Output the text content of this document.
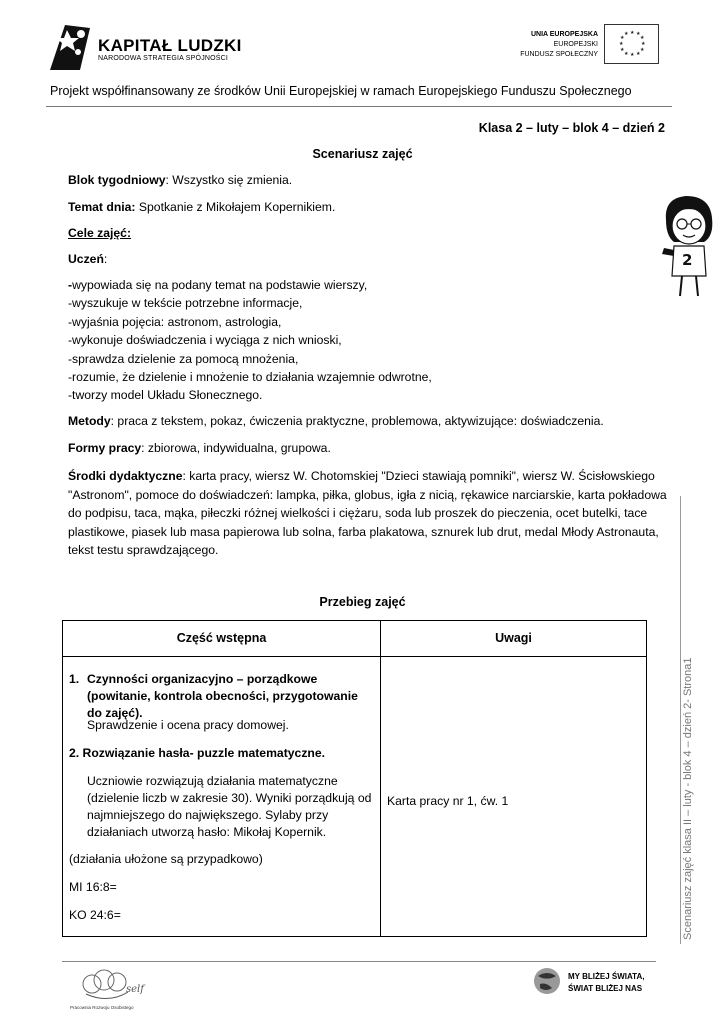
KAPITAŁ LUDZKI
NARODOWA STRATEGIA SPÓJNOŚCI
UNIA EUROPEJSKA
EUROPEJSKI
FUNDUSZ SPOŁECZNY
★ ★
★
★
★
★
★
★
★
★
★
★
Projekt współfinansowany ze środków Unii Europejskiej w ramach Europejskiego Funduszu Społecznego
Klasa 2 – luty – blok 4 – dzień 2
Scenariusz zajęć
Blok tygodniowy: Wszystko się zmienia.
Temat dnia: Spotkanie z Mikołajem Kopernikiem.
Cele zajęć:
Uczeń:
-wypowiada się na podany temat na podstawie wierszy,
-wyszukuje w tekście potrzebne informacje,
-wyjaśnia pojęcia: astronom, astrologia,
-wykonuje doświadczenia i wyciąga z nich wnioski,
-sprawdza dzielenie za pomocą mnożenia,
-rozumie, że dzielenie i mnożenie to działania wzajemnie odwrotne,
-tworzy model Układu Słonecznego.
Metody: praca z tekstem, pokaz, ćwiczenia praktyczne, problemowa, aktywizujące: doświadczenia.
Formy pracy: zbiorowa, indywidualna, grupowa.
Środki dydaktyczne: karta pracy, wiersz W. Chotomskiej "Dzieci stawiają pomniki", wiersz W. Ścisłowskiego "Astronom", pomoce do doświadczeń: lampka, piłka, globus, igła z nicią, rękawice narciarskie, karta pokładowa do podpisu, taca, mąka, piłeczki różnej wielkości i ciężaru, soda lub proszek do pieczenia, ocet butelki, tace plastikowe, piasek lub masa papierowa lub solna, farba plakatowa, sznurek lub drut, medal Młody Astronauta, tekst testu sprawdzającego.
Przebieg zajęć
2
Część wstępna	Uwagi
1. Czynności organizacyjno – porządkowe (powitanie, kontrola obecności, przygotowanie do zajęć).
Sprawdzenie i ocena pracy domowej.
2. Rozwiązanie hasła- puzzle matematyczne.
Uczniowie rozwiązują działania matematyczne (dzielenie liczb w zakresie 30). Wyniki porządkują od najmniejszego do największego. Sylaby przy działaniach utworzą hasło: Mikołaj Kopernik.
(działania ułożone są przypadkowo)
MI 16:8=
KO 24:6=
Karta pracy nr 1, ćw. 1	Scenariusz zajęć klasa II – luty - blok 4 – dzień 2- Strona1
self
Pracownia Rozwoju Osobistego
MY BLIŻEJ ŚWIATA,
ŚWIAT BLIŻEJ NAS
